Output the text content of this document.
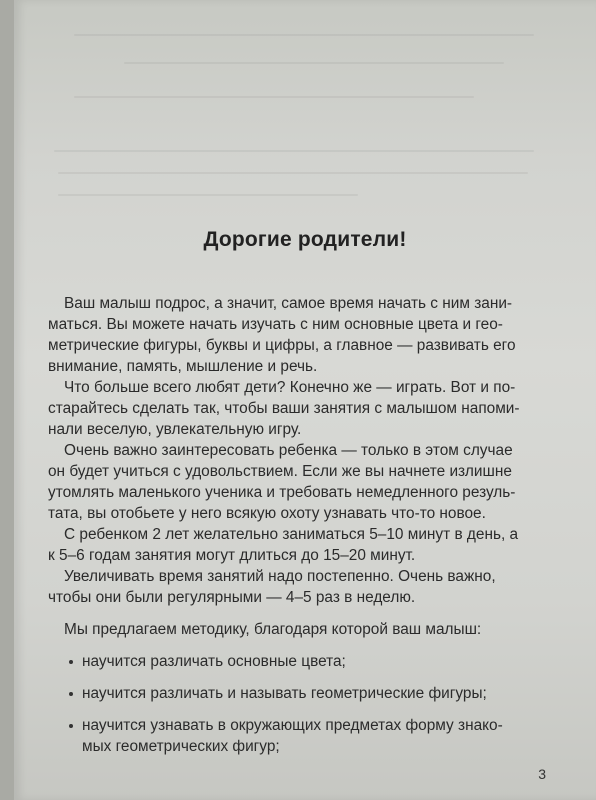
Дорогие родители!
Ваш малыш подрос, а значит, самое время начать с ним зани-
маться. Вы можете начать изучать с ним основные цвета и гео-
метрические фигуры, буквы и цифры, а главное — развивать его
внимание, память, мышление и речь.
Что больше всего любят дети? Конечно же — играть. Вот и по-
старайтесь сделать так, чтобы ваши занятия с малышом напоми-
нали веселую, увлекательную игру.
Очень важно заинтересовать ребенка — только в этом случае
он будет учиться с удовольствием. Если же вы начнете излишне
утомлять маленького ученика и требовать немедленного резуль-
тата, вы отобьете у него всякую охоту узнавать что-то новое.
С ребенком 2 лет желательно заниматься 5–10 минут в день, а
к 5–6 годам занятия могут длиться до 15–20 минут.
Увеличивать время занятий надо постепенно. Очень важно,
чтобы они были регулярными — 4–5 раз в неделю.
Мы предлагаем методику, благодаря которой ваш малыш:
научится различать основные цвета;
научится различать и называть геометрические фигуры;
научится узнавать в окружающих предметах форму знако-
мых геометрических фигур;
3
